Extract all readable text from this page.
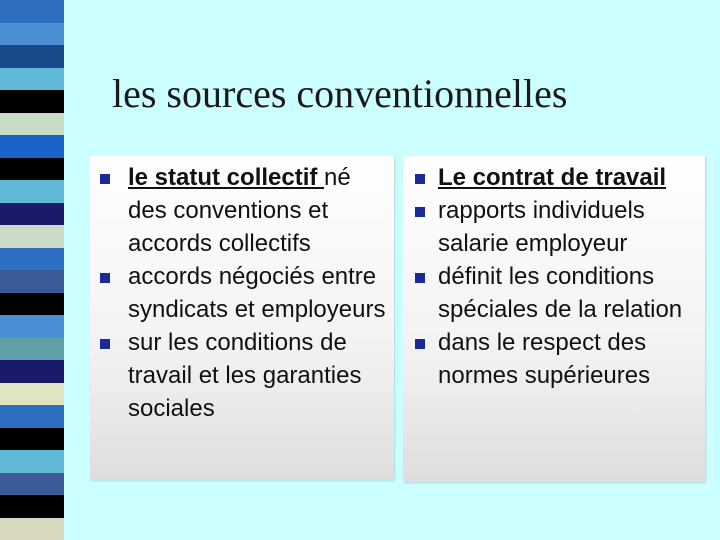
les sources conventionnelles
le statut collectif né des conventions et accords collectifs
accords négociés entre syndicats et employeurs
sur les conditions de travail et les garanties sociales
Le contrat de travail
rapports individuels salarie employeur
définit les conditions spéciales de la relation
dans le respect des normes supérieures
